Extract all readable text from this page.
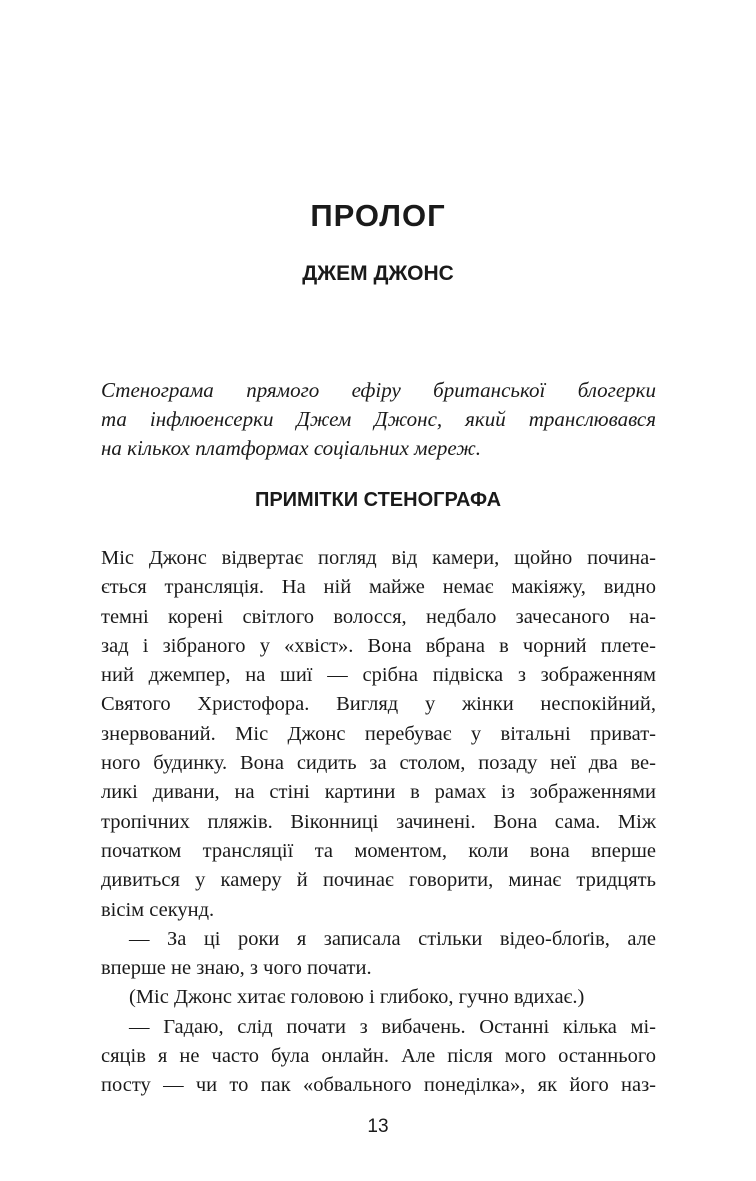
ПРОЛОГ
ДЖЕМ ДЖОНС

Стенограма прямого ефіру британської блогерки
та інфлюенсерки Джем Джонс, який транслювався
на кількох платформах соціальних мереж.

ПРИМІТКИ СТЕНОГРАФА
Міс Джонс відвертає погляд від камери, щойно почина-
ється трансляція. На ній майже немає макіяжу, видно
темні корені світлого волосся, недбало зачесаного на-
зад і зібраного у «хвіст». Вона вбрана в чорний плете-
ний джемпер, на шиї — срібна підвіска з зображенням
Святого Христофора. Вигляд у жінки неспокійний,
знервований. Міс Джонс перебуває у вітальні приват-
ного будинку. Вона сидить за столом, позаду неї два ве-
ликі дивани, на стіні картини в рамах із зображеннями
тропічних пляжів. Віконниці зачинені. Вона сама. Між
початком трансляції та моментом, коли вона вперше
дивиться у камеру й починає говорити, минає тридцять
вісім секунд.
— За ці роки я записала стільки відео-блоґів, але
вперше не знаю, з чого почати.
(Міс Джонс хитає головою і глибоко, гучно вдихає.)
— Гадаю, слід почати з вибачень. Останні кілька мі-
сяців я не часто була онлайн. Але після мого останнього
посту — чи то пак «обвального понеділка», як його наз-
13
